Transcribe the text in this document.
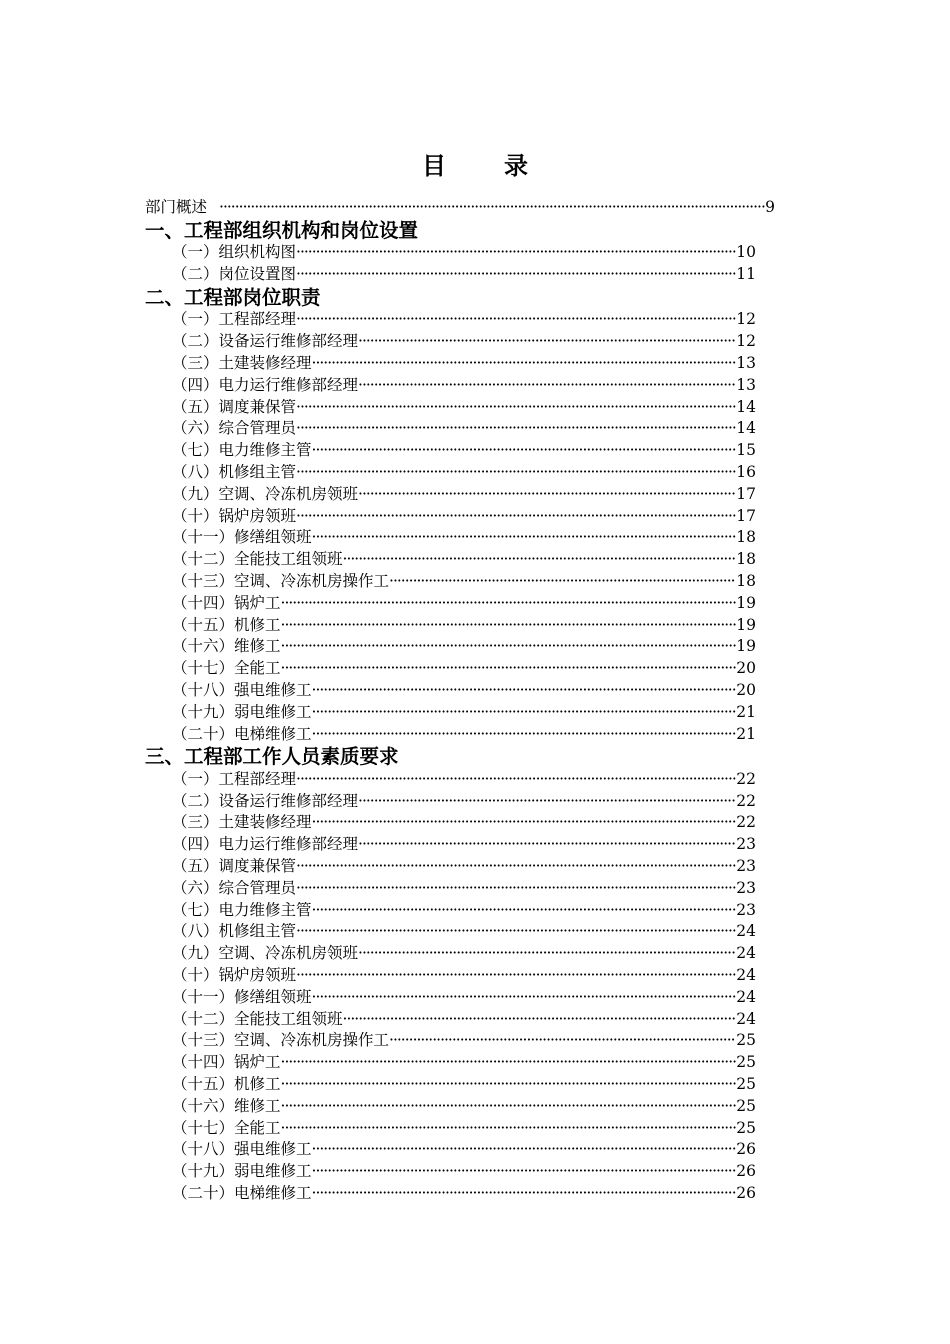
目 录
部门概述 ·····	9
一、工程部组织机构和岗位设置
（一）组织机构图 ·····	10
（二）岗位设置图 ·····	11
二、工程部岗位职责
（一）工程部经理 ·····	12
（二）设备运行维修部经理 ·····	12
（三）土建装修经理 ·····	13
（四）电力运行维修部经理 ·····	13
（五）调度兼保管 ·····	14
（六）综合管理员 ·····	14
（七）电力维修主管 ·····	15
（八）机修组主管 ·····	16
（九）空调、冷冻机房领班 ·····	17
（十）锅炉房领班 ·····	17
（十一）修缮组领班 ·····	18
（十二）全能技工组领班 ·····	18
（十三）空调、冷冻机房操作工 ·····	18
（十四）锅炉工 ·····	19
（十五）机修工 ·····	19
（十六）维修工 ·····	19
（十七）全能工 ·····	20
（十八）强电维修工 ·····	20
（十九）弱电维修工 ·····	21
（二十）电梯维修工 ·····	21
三、工程部工作人员素质要求
（一）工程部经理 ·····	22
（二）设备运行维修部经理 ·····	22
（三）土建装修经理 ·····	22
（四）电力运行维修部经理 ·····	23
（五）调度兼保管 ·····	23
（六）综合管理员 ·····	23
（七）电力维修主管 ·····	23
（八）机修组主管 ·····	24
（九）空调、冷冻机房领班 ·····	24
（十）锅炉房领班 ·····	24
（十一）修缮组领班 ·····	24
（十二）全能技工组领班 ·····	24
（十三）空调、冷冻机房操作工 ·····	25
（十四）锅炉工 ·····	25
（十五）机修工 ·····	25
（十六）维修工 ·····	25
（十七）全能工 ·····	25
（十八）强电维修工 ·····	26
（十九）弱电维修工 ·····	26
（二十）电梯维修工 ·····	26
